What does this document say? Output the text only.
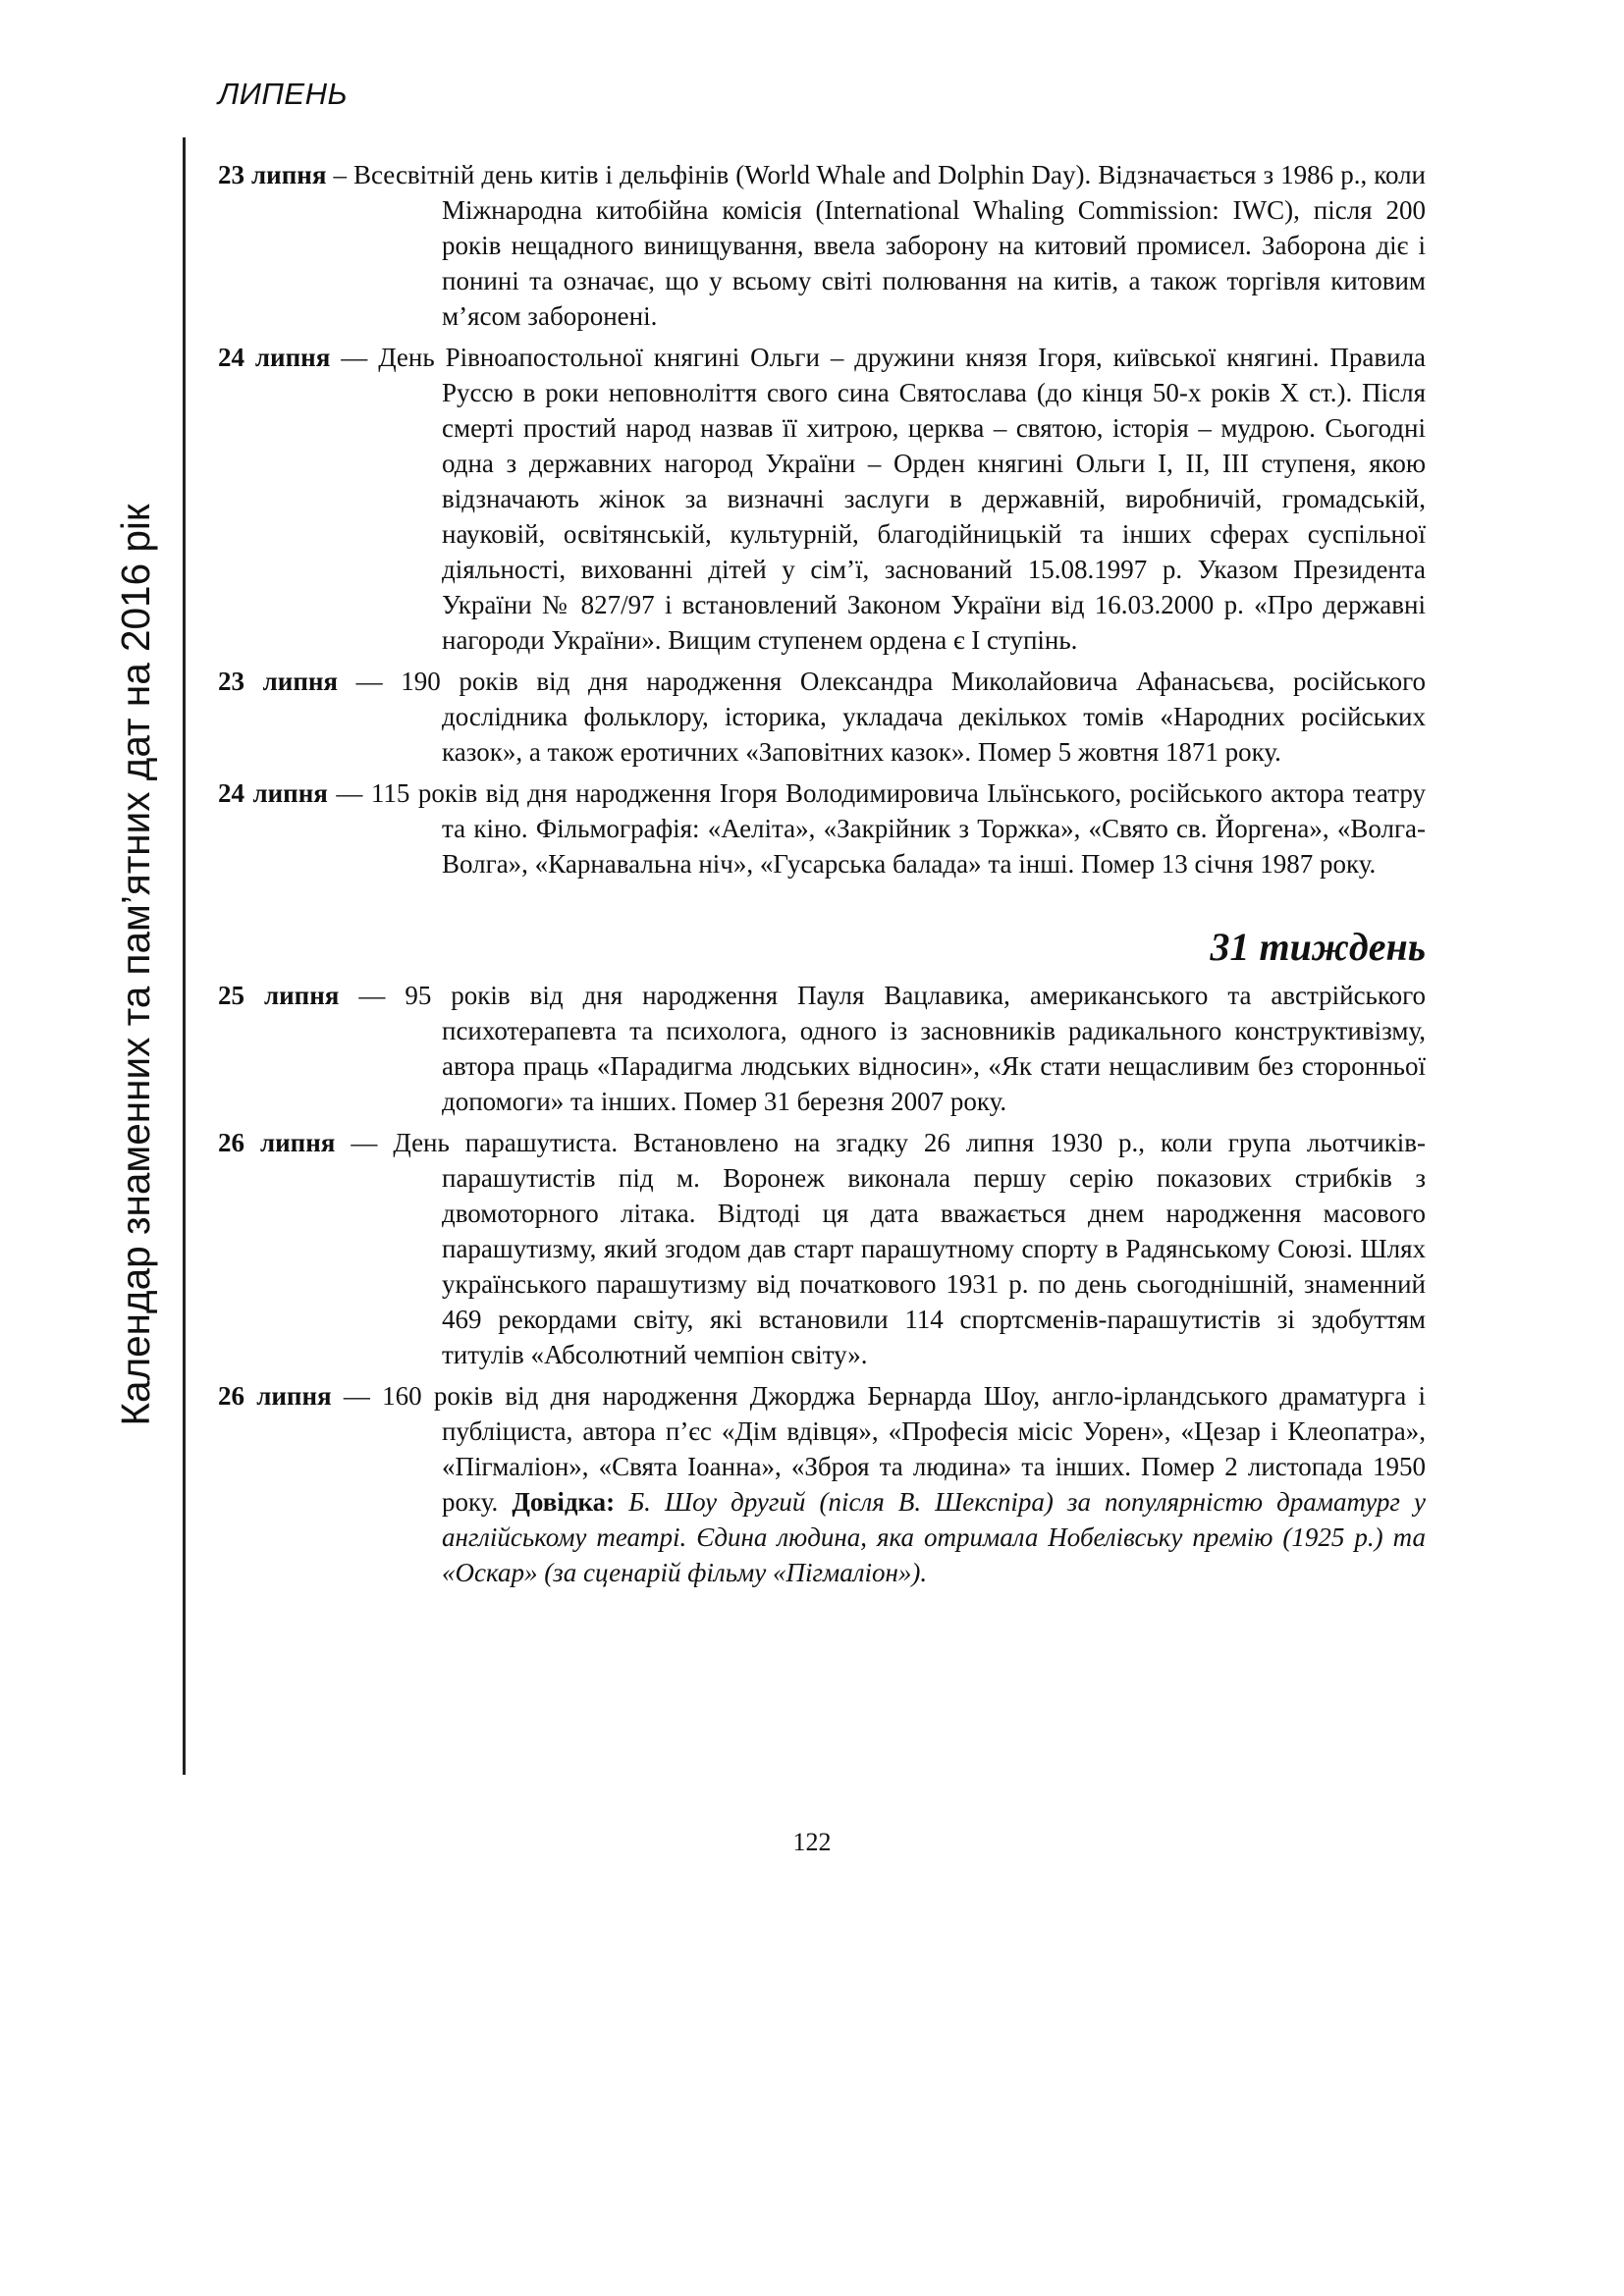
ЛИПЕНЬ
Календар знаменних та пам’ятних дат на 2016 рік

23 липня – Всесвітній день китів і дельфінів (World Whale and Dolphin Day). Відзначається з 1986 р., коли Міжнародна китобійна комісія (International Whaling Commission: IWC), після 200 років нещадного винищування, ввела заборону на китовий промисел. Заборона діє і понині та означає, що у всьому світі полювання на китів, а також торгівля китовим м’ясом заборонені.

24 липня — День Рівноапостольної княгині Ольги – дружини князя Ігоря, київської княгині. Правила Руссю в роки неповноліття свого сина Святослава (до кінця 50-х років Х ст.). Після смерті простий народ назвав її хитрою, церква – святою, історія – мудрою. Сьогодні одна з державних нагород України – Орден княгині Ольги I, II, III ступеня, якою відзначають жінок за визначні заслуги в державній, виробничій, громадській, науковій, освітянській, культурній, благодійницькій та інших сферах суспільної діяльності, вихованні дітей у сім’ї, заснований 15.08.1997 р. Указом Президента України № 827/97 і встановлений Законом України від 16.03.2000 р. «Про державні нагороди України». Вищим ступенем ордена є I ступінь.

23 липня — 190 років від дня народження Олександра Миколайовича Афанасьєва, російського дослідника фольклору, історика, укладача декількох томів «Народних російських казок», а також еротичних «Заповітних казок». Помер 5 жовтня 1871 року.

24 липня — 115 років від дня народження Ігоря Володимировича Ільїнського, російського актора театру та кіно. Фільмографія: «Аеліта», «Закрійник з Торжка», «Свято св. Йоргена», «Волга-Волга», «Карнавальна ніч», «Гусарська балада» та інші. Помер 13 січня 1987 року.

31 тиждень

25 липня — 95 років від дня народження Пауля Вацлавика, американського та австрійського психотерапевта та психолога, одного із засновників радикального конструктивізму, автора праць «Парадигма людських відносин», «Як стати нещасливим без сторонньої допомоги» та інших. Помер 31 березня 2007 року.

26 липня — День парашутиста. Встановлено на згадку 26 липня 1930 р., коли група льотчиків-парашутистів під м. Воронеж виконала першу серію показових стрибків з двомоторного літака. Відтоді ця дата вважається днем народження масового парашутизму, який згодом дав старт парашутному спорту в Радянському Союзі. Шлях українського парашутизму від початкового 1931 р. по день сьогоднішній, знаменний 469 рекордами світу, які встановили 114 спортсменів-парашутистів зі здобуттям титулів «Абсолютний чемпіон світу».

26 липня — 160 років від дня народження Джорджа Бернарда Шоу, англо-ірландського драматурга і публіциста, автора п’єс «Дім вдівця», «Професія місіс Уорен», «Цезар і Клеопатра», «Пігмаліон», «Свята Іоанна», «Зброя та людина» та інших. Помер 2 листопада 1950 року. Довідка: Б. Шоу другий (після В. Шекспіра) за популярністю драматург у англійському театрі. Єдина людина, яка отримала Нобелівську премію (1925 р.) та «Оскар» (за сценарій фільму «Пігмаліон»).

122
